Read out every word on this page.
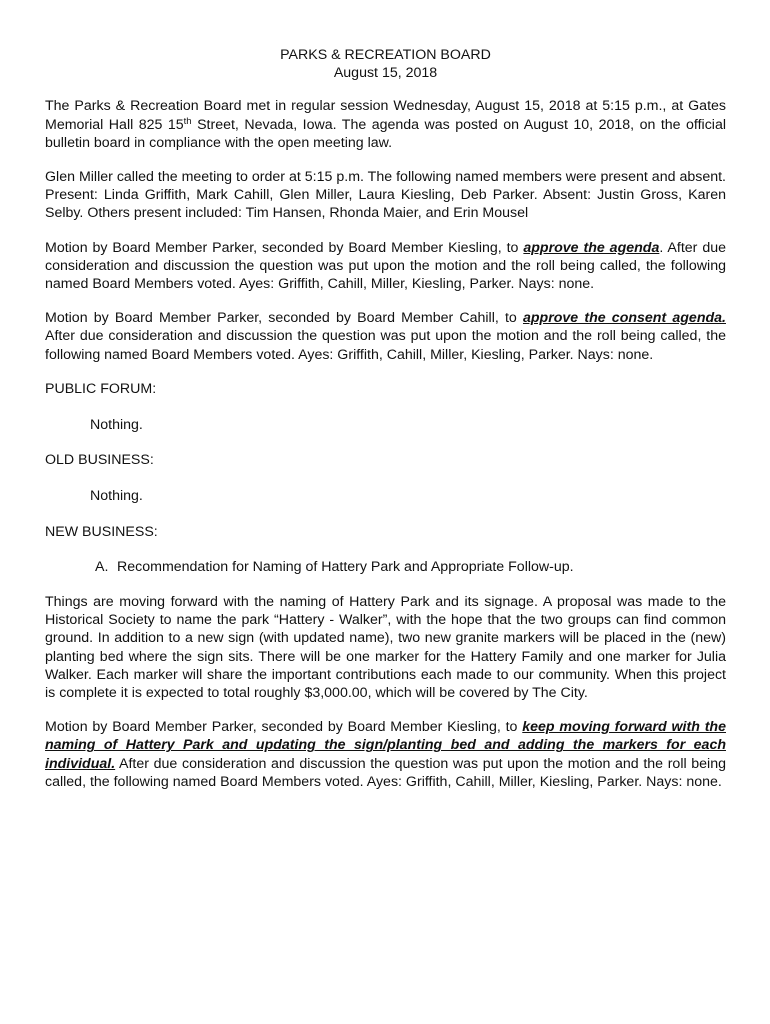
PARKS & RECREATION BOARD
August 15, 2018

The Parks & Recreation Board met in regular session Wednesday, August 15, 2018 at 5:15 p.m., at Gates Memorial Hall 825 15th Street, Nevada, Iowa. The agenda was posted on August 10, 2018, on the official bulletin board in compliance with the open meeting law.

Glen Miller called the meeting to order at 5:15 p.m. The following named members were present and absent. Present: Linda Griffith, Mark Cahill, Glen Miller, Laura Kiesling, Deb Parker. Absent: Justin Gross, Karen Selby. Others present included: Tim Hansen, Rhonda Maier, and Erin Mousel

Motion by Board Member Parker, seconded by Board Member Kiesling, to approve the agenda. After due consideration and discussion the question was put upon the motion and the roll being called, the following named Board Members voted. Ayes: Griffith, Cahill, Miller, Kiesling, Parker. Nays: none.

Motion by Board Member Parker, seconded by Board Member Cahill, to approve the consent agenda. After due consideration and discussion the question was put upon the motion and the roll being called, the following named Board Members voted. Ayes: Griffith, Cahill, Miller, Kiesling, Parker. Nays: none.

PUBLIC FORUM:

Nothing.

OLD BUSINESS:

Nothing.

NEW BUSINESS:

A. Recommendation for Naming of Hattery Park and Appropriate Follow-up.

Things are moving forward with the naming of Hattery Park and its signage. A proposal was made to the Historical Society to name the park “Hattery - Walker”, with the hope that the two groups can find common ground. In addition to a new sign (with updated name), two new granite markers will be placed in the (new) planting bed where the sign sits. There will be one marker for the Hattery Family and one marker for Julia Walker. Each marker will share the important contributions each made to our community. When this project is complete it is expected to total roughly $3,000.00, which will be covered by The City.

Motion by Board Member Parker, seconded by Board Member Kiesling, to keep moving forward with the naming of Hattery Park and updating the sign/planting bed and adding the markers for each individual. After due consideration and discussion the question was put upon the motion and the roll being called, the following named Board Members voted. Ayes: Griffith, Cahill, Miller, Kiesling, Parker. Nays: none.
